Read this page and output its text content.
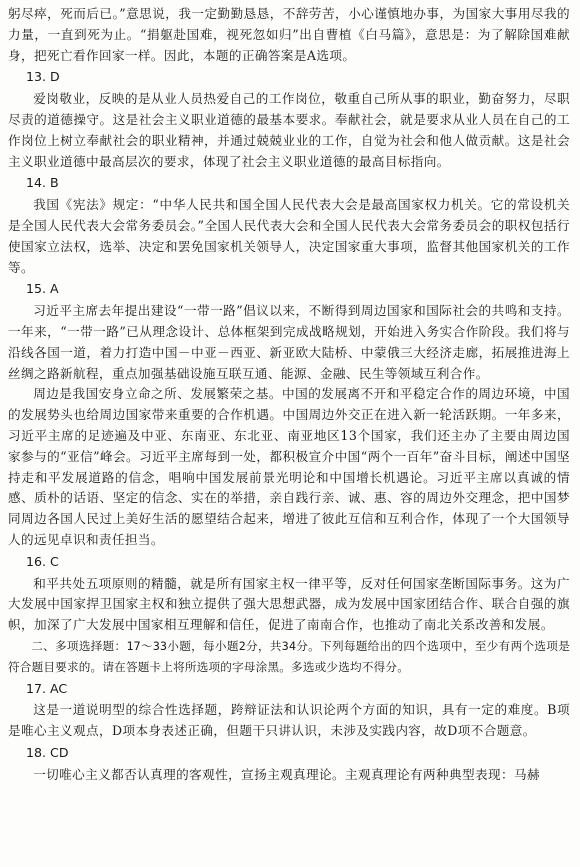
躬尽瘁，死而后已。”意思说，我一定勤勤恳恳，不辞劳苦，小心谨慎地办事，为国家大事用尽我的力量，一直到死为止。“捐躯赴国难，视死忽如归”出自曹植《白马篇》，意思是：为了解除国难献身，把死亡看作回家一样。因此，本题的正确答案是A选项。

13. D

爱岗敬业，反映的是从业人员热爱自己的工作岗位，敬重自己所从事的职业，勤奋努力，尽职尽责的道德操守。这是社会主义职业道德的最基本要求。奉献社会，就是要求从业人员在自己的工作岗位上树立奉献社会的职业精神，并通过兢兢业业的工作，自觉为社会和他人做贡献。这是社会主义职业道德中最高层次的要求，体现了社会主义职业道德的最高目标指向。

14. B

我国《宪法》规定：“中华人民共和国全国人民代表大会是最高国家权力机关。它的常设机关是全国人民代表大会常务委员会。”全国人民代表大会和全国人民代表大会常务委员会的职权包括行使国家立法权，选举、决定和罢免国家机关领导人，决定国家重大事项，监督其他国家机关的工作等。

15. A

习近平主席去年提出建设“一带一路”倡议以来，不断得到周边国家和国际社会的共鸣和支持。一年来，“一带一路”已从理念设计、总体框架到完成战略规划，开始进入务实合作阶段。我们将与沿线各国一道，着力打造中国－中亚－西亚、新亚欧大陆桥、中蒙俄三大经济走廊，拓展推进海上丝绸之路新航程，重点加强基础设施互联互通、能源、金融、民生等领域互利合作。

周边是我国安身立命之所、发展繁荣之基。中国的发展离不开和平稳定合作的周边环境，中国的发展势头也给周边国家带来重要的合作机遇。中国周边外交正在进入新一轮活跃期。一年多来，习近平主席的足迹遍及中亚、东南亚、东北亚、南亚地区13个国家，我们还主办了主要由周边国家参与的“亚信”峰会。习近平主席每到一处，都积极宣介中国“两个一百年”奋斗目标，阐述中国坚持走和平发展道路的信念，唱响中国发展前景光明论和中国增长机遇论。习近平主席以真诚的情感、质朴的话语、坚定的信念、实在的举措，亲自践行亲、诚、惠、容的周边外交理念，把中国梦同周边各国人民过上美好生活的愿望结合起来，增进了彼此互信和互利合作，体现了一个大国领导人的远见卓识和责任担当。

16. C

和平共处五项原则的精髓，就是所有国家主权一律平等，反对任何国家垄断国际事务。这为广大发展中国家捍卫国家主权和独立提供了强大思想武器，成为发展中国家团结合作、联合自强的旗帜，加深了广大发展中国家相互理解和信任，促进了南南合作，也推动了南北关系改善和发展。

二、多项选择题：17～33小题，每小题2分，共34分。下列每题给出的四个选项中，至少有两个选项是符合题目要求的。请在答题卡上将所选项的字母涂黑。多选或少选均不得分。

17. AC

这是一道说明型的综合性选择题，跨辩证法和认识论两个方面的知识，具有一定的难度。B项是唯心主义观点，D项本身表述正确，但题干只讲认识，未涉及实践内容，故D项不合题意。

18. CD

一切唯心主义都否认真理的客观性，宣扬主观真理论。主观真理论有两种典型表现：马赫
